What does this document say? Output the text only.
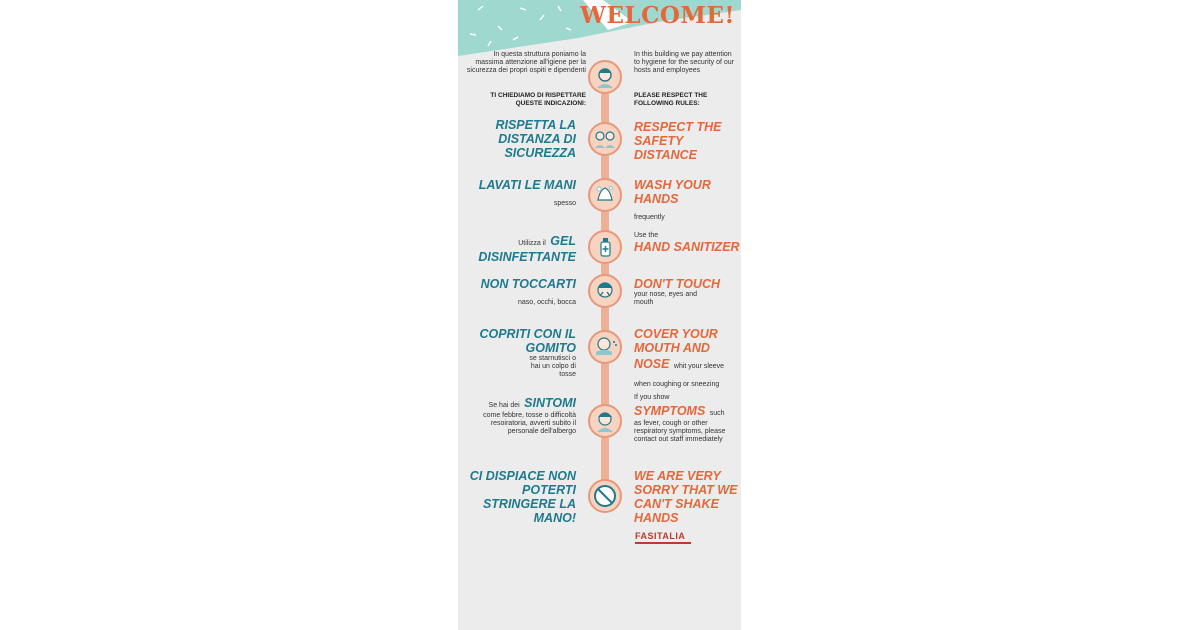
WELCOME!
In questa struttura poniamo la massima attenzione all'igiene per la sicurezza dei propri ospiti e dipendenti
In this building we pay attention to hygiene for the security of our hosts and employees
TI CHIEDIAMO DI RISPETTARE QUESTE INDICAZIONI:
PLEASE RESPECT THE FOLLOWING RULES:
RISPETTA LA DISTANZA DI SICUREZZA
RESPECT THE SAFETY DISTANCE
LAVATI LE MANI
spesso
WASH YOUR HANDS
frequently
Utilizza il GEL
DISINFETTANTE
Use the
HAND SANITIZER
NON TOCCARTI
naso, occhi, bocca
DON'T TOUCH
your nose, eyes and mouth
COPRITI CON IL GOMITO
se starnutisci o hai un colpo di tosse
COVER YOUR MOUTH AND
NOSE whit your sleeve when coughing or sneezing
Se hai dei SINTOMI
come febbre, tosse o difficoltà resoiratoria, avverti subito il personale dell'albergo
If you show
SYMPTOMS such
as fever, cough or other respiratory symptoms, please contact out staff immediately
CI DISPIACE NON POTERTI STRINGERE LA MANO!
WE ARE VERY SORRY THAT WE CAN'T SHAKE HANDS
FASITALIA
